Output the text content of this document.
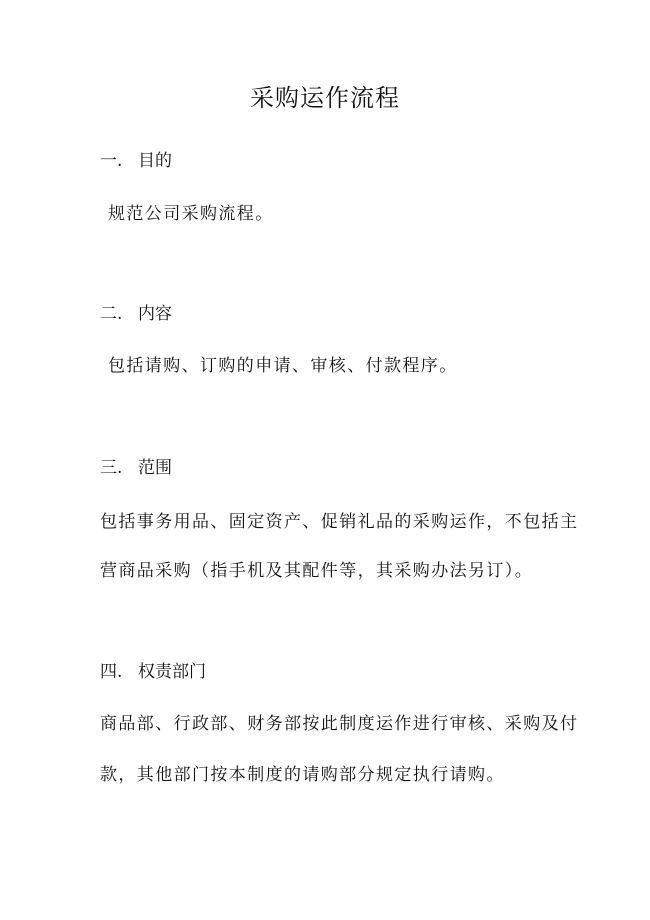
采购运作流程
一. 目的
规范公司采购流程。
二. 内容
包括请购、订购的申请、审核、付款程序。
三. 范围
包括事务用品、固定资产、促销礼品的采购运作，不包括主
营商品采购（指手机及其配件等，其采购办法另订）。
四. 权责部门
商品部、行政部、财务部按此制度运作进行审核、采购及付
款，其他部门按本制度的请购部分规定执行请购。
